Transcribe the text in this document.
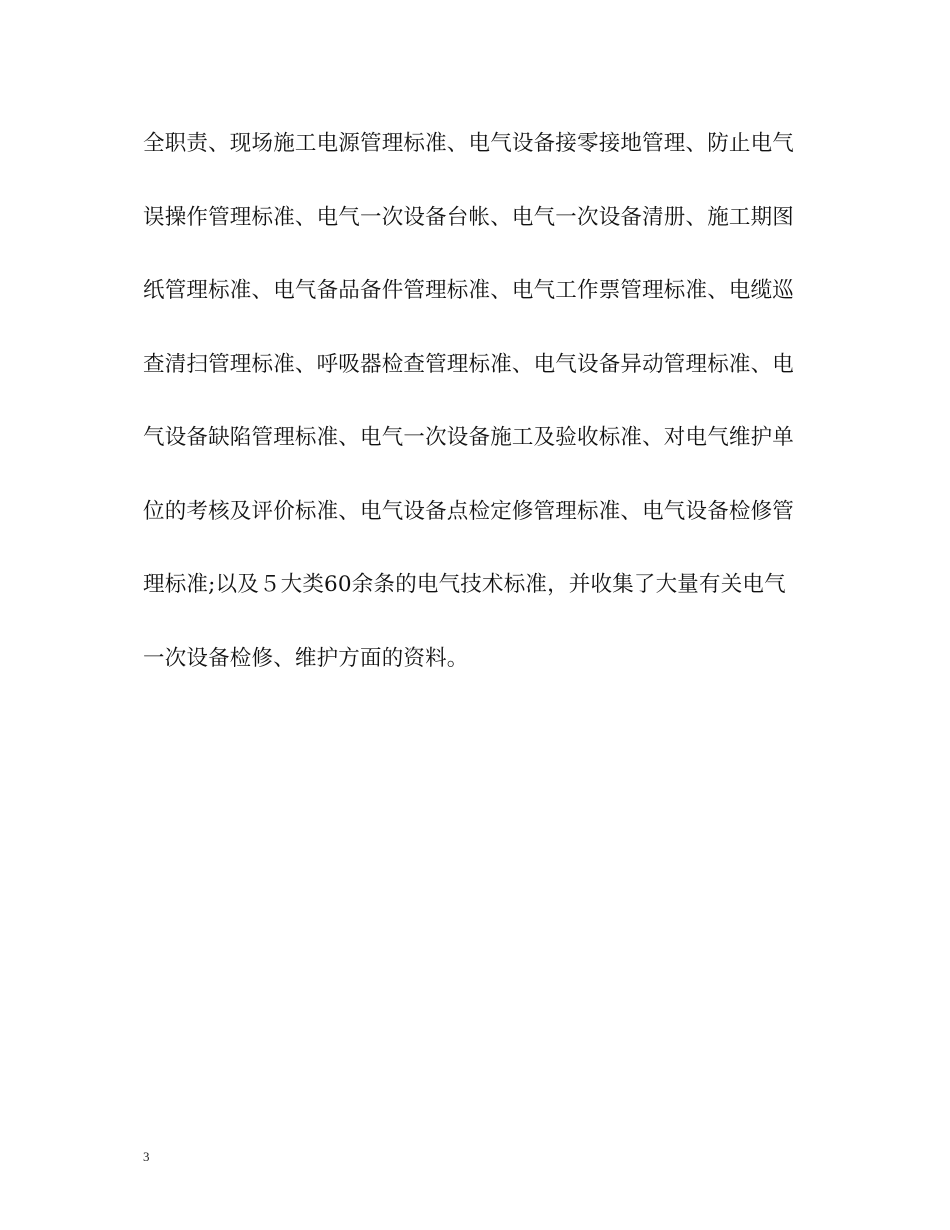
全职责、现场施工电源管理标准、电气设备接零接地管理、防止电气
误操作管理标准、电气一次设备台帐、电气一次设备清册、施工期图
纸管理标准、电气备品备件管理标准、电气工作票管理标准、电缆巡
查清扫管理标准、呼吸器检查管理标准、电气设备异动管理标准、电
气设备缺陷管理标准、电气一次设备施工及验收标准、对电气维护单
位的考核及评价标准、电气设备点检定修管理标准、电气设备检修管
理标准;以及５大类60余条的电气技术标准，并收集了大量有关电气
一次设备检修、维护方面的资料。
3
